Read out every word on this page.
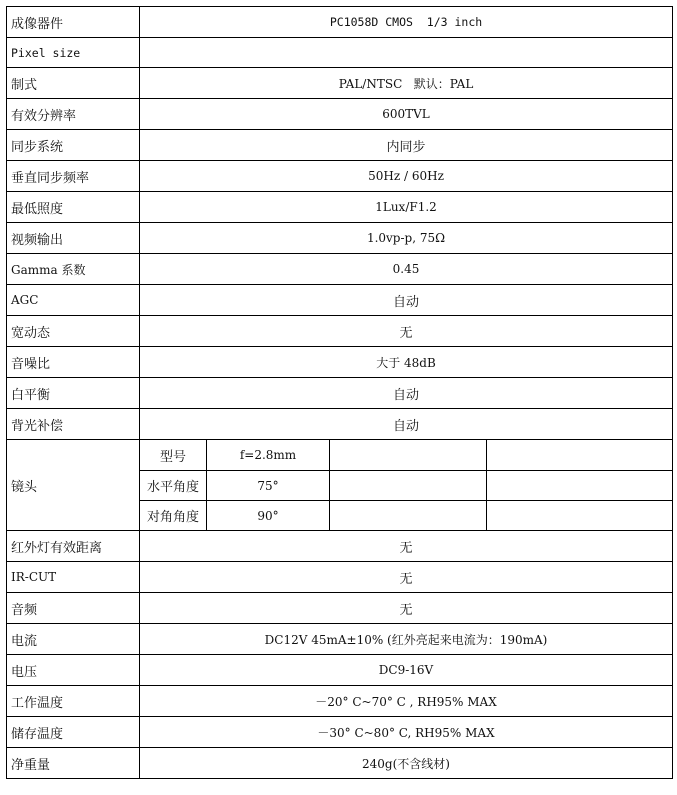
成像器件	PC1058D CMOS  1/3 inch			
Pixel size				
制式	PAL/NTSC   默认：PAL			
有效分辨率	600TVL			
同步系统	内同步			
垂直同步频率	50Hz / 60Hz			
最低照度	1Lux/F1.2			
视频输出	1.0vp-p, 75Ω			
Gamma 系数	0.45			
AGC	自动			
宽动态	无			
音噪比	大于 48dB			
白平衡	自动			
背光补偿	自动			
镜头	型号	f=2.8mm		
	水平角度	75°		
	对角角度	90°		
红外灯有效距离	无			
IR-CUT	无			
音频	无			
电流	DC12V 45mA±10% (红外亮起来电流为：190mA)			
电压	DC9-16V			
工作温度	－20° C~70° C , RH95% MAX			
储存温度	－30° C~80° C, RH95% MAX			
净重量	240g(不含线材)			
